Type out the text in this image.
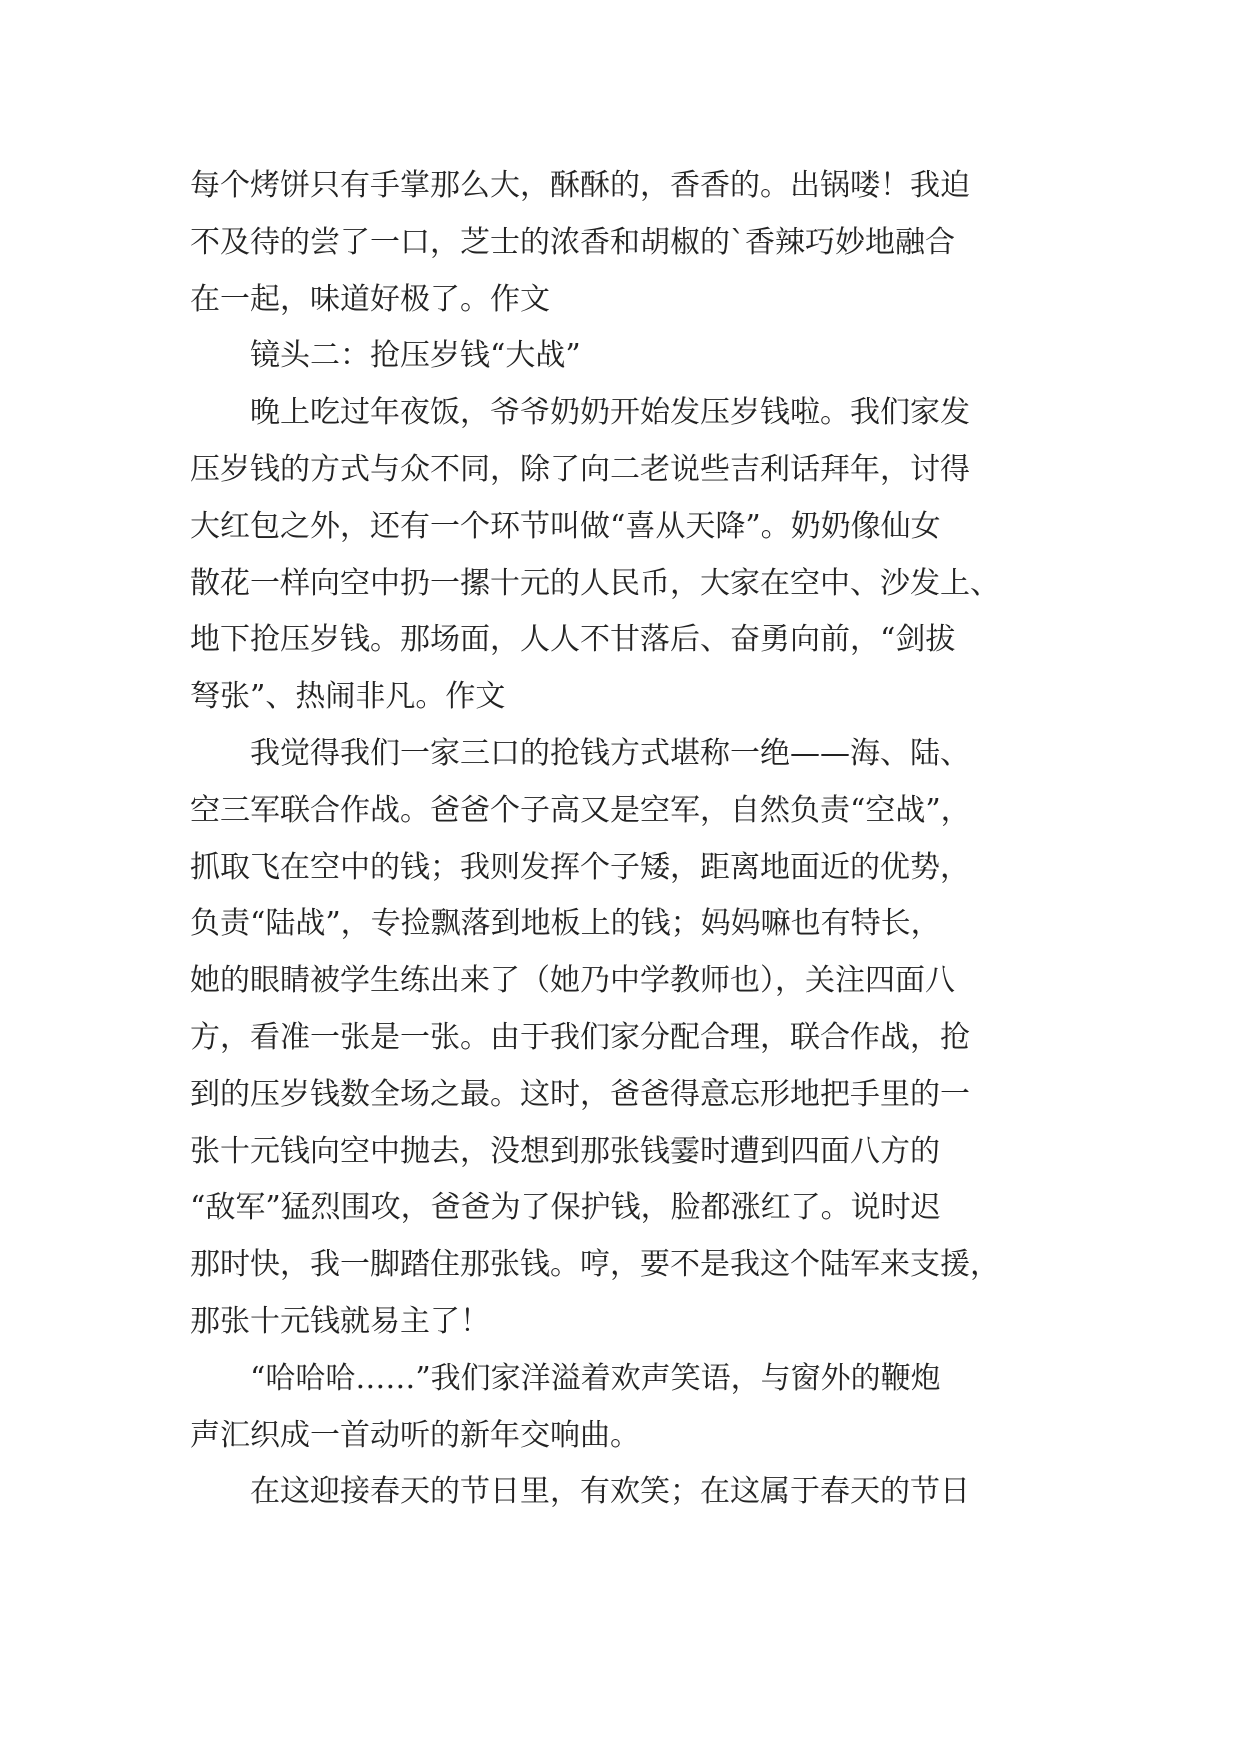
每个烤饼只有手掌那么大，酥酥的，香香的。出锅喽！我迫
不及待的尝了一口，芝士的浓香和胡椒的`香辣巧妙地融合
在一起，味道好极了。作文
镜头二：抢压岁钱“大战”
晚上吃过年夜饭，爷爷奶奶开始发压岁钱啦。我们家发
压岁钱的方式与众不同，除了向二老说些吉利话拜年，讨得
大红包之外，还有一个环节叫做“喜从天降”。奶奶像仙女
散花一样向空中扔一摞十元的人民币，大家在空中、沙发上、
地下抢压岁钱。那场面，人人不甘落后、奋勇向前，“剑拔
弩张”、热闹非凡。作文
我觉得我们一家三口的抢钱方式堪称一绝——海、陆、
空三军联合作战。爸爸个子高又是空军，自然负责“空战”，
抓取飞在空中的钱；我则发挥个子矮，距离地面近的优势，
负责“陆战”，专捡飘落到地板上的钱；妈妈嘛也有特长，
她的眼睛被学生练出来了（她乃中学教师也），关注四面八
方，看准一张是一张。由于我们家分配合理，联合作战，抢
到的压岁钱数全场之最。这时，爸爸得意忘形地把手里的一
张十元钱向空中抛去，没想到那张钱霎时遭到四面八方的
“敌军”猛烈围攻，爸爸为了保护钱，脸都涨红了。说时迟
那时快，我一脚踏住那张钱。哼，要不是我这个陆军来支援，
那张十元钱就易主了！
“哈哈哈……”我们家洋溢着欢声笑语，与窗外的鞭炮
声汇织成一首动听的新年交响曲。
在这迎接春天的节日里，有欢笑；在这属于春天的节日
